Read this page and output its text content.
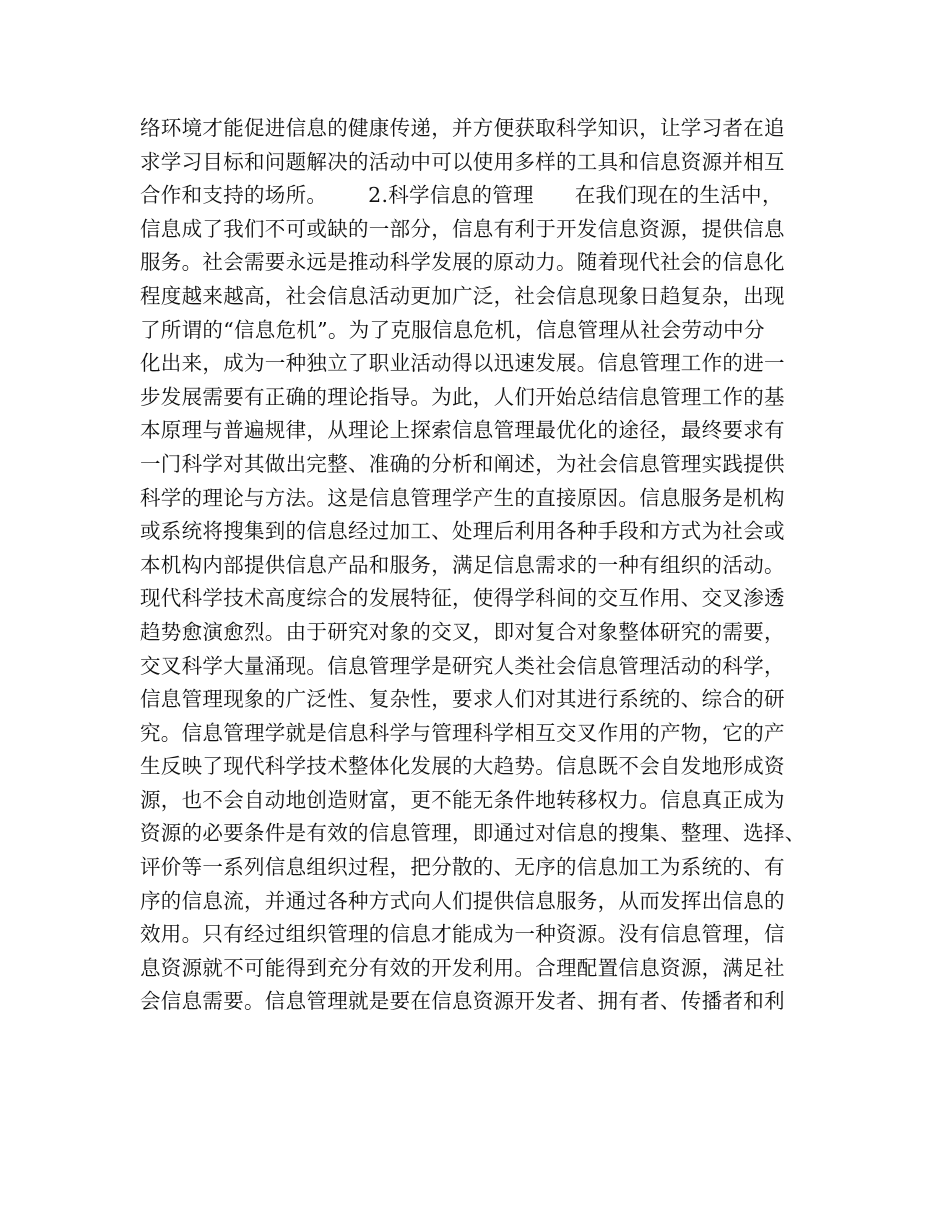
络环境才能促进信息的健康传递，并方便获取科学知识，让学习者在追
求学习目标和问题解决的活动中可以使用多样的工具和信息资源并相互
合作和支持的场所。      2.科学信息的管理      在我们现在的生活中，
信息成了我们不可或缺的一部分，信息有利于开发信息资源，提供信息
服务。社会需要永远是推动科学发展的原动力。随着现代社会的信息化
程度越来越高，社会信息活动更加广泛，社会信息现象日趋复杂，出现
了所谓的“信息危机”。为了克服信息危机，信息管理从社会劳动中分
化出来，成为一种独立了职业活动得以迅速发展。信息管理工作的进一
步发展需要有正确的理论指导。为此，人们开始总结信息管理工作的基
本原理与普遍规律，从理论上探索信息管理最优化的途径，最终要求有
一门科学对其做出完整、准确的分析和阐述，为社会信息管理实践提供
科学的理论与方法。这是信息管理学产生的直接原因。信息服务是机构
或系统将搜集到的信息经过加工、处理后利用各种手段和方式为社会或
本机构内部提供信息产品和服务，满足信息需求的一种有组织的活动。
现代科学技术高度综合的发展特征，使得学科间的交互作用、交叉渗透
趋势愈演愈烈。由于研究对象的交叉，即对复合对象整体研究的需要，
交叉科学大量涌现。信息管理学是研究人类社会信息管理活动的科学，
信息管理现象的广泛性、复杂性，要求人们对其进行系统的、综合的研
究。信息管理学就是信息科学与管理科学相互交叉作用的产物，它的产
生反映了现代科学技术整体化发展的大趋势。信息既不会自发地形成资
源，也不会自动地创造财富，更不能无条件地转移权力。信息真正成为
资源的必要条件是有效的信息管理，即通过对信息的搜集、整理、选择、
评价等一系列信息组织过程，把分散的、无序的信息加工为系统的、有
序的信息流，并通过各种方式向人们提供信息服务，从而发挥出信息的
效用。只有经过组织管理的信息才能成为一种资源。没有信息管理，信
息资源就不可能得到充分有效的开发利用。合理配置信息资源，满足社
会信息需要。信息管理就是要在信息资源开发者、拥有者、传播者和利
